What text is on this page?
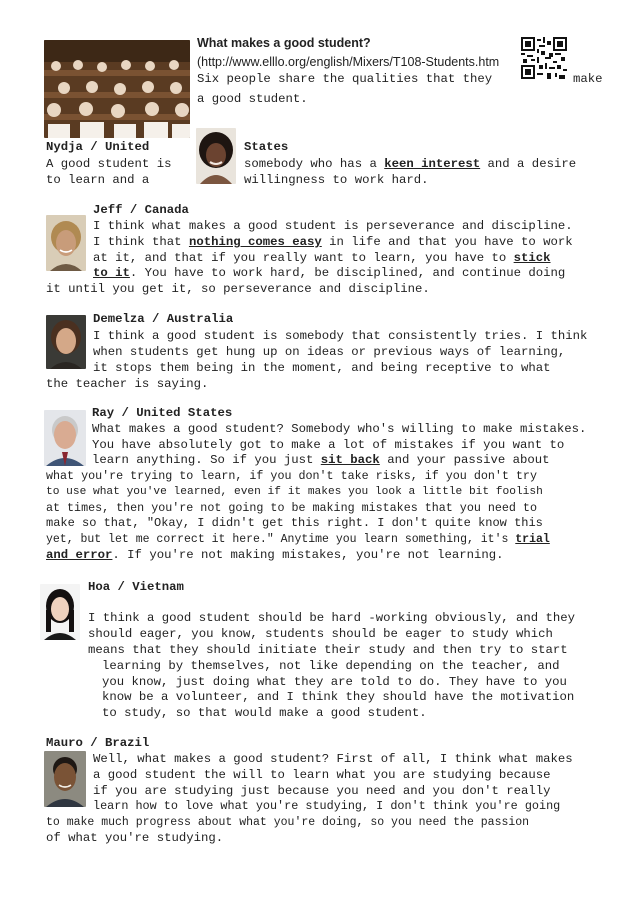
What makes a good student?
(http://www.elllo.org/english/Mixers/T108-Students.htm
Six people share the qualities that they	make
a good student.
Nydja / United
A good student is
to learn and a
States
somebody who has a keen interest and a desire
willingness to work hard.
Jeff / Canada
I think what makes a good student is perseverance and discipline.
I think that nothing comes easy in life and that you have to work
at it, and that if you really want to learn, you have to stick
to it. You have to work hard, be disciplined, and continue doing
it until you get it, so perseverance and discipline.
Demelza / Australia
I think a good student is somebody that consistently tries. I think
when students get hung up on ideas or previous ways of learning,
it stops them being in the moment, and being receptive to what
the teacher is saying.
Ray / United States
What makes a good student? Somebody who's willing to make mistakes.
You have absolutely got to make a lot of mistakes if you want to
learn anything. So if you just sit back and your passive about
what you're trying to learn, if you don't take risks, if you don't try
to use what you've learned, even if it makes you look a little bit foolish
at times, then you're not going to be making mistakes that you need to
make so that, "Okay, I didn't get this right. I don't quite know this
yet, but let me correct it here." Anytime you learn something, it's trial
and error. If you're not making mistakes, you're not learning.
Hoa / Vietnam
I think a good student should be hard -working obviously, and they
should eager, you know, students should be eager to study which
means that they should initiate their study and then try to start
learning by themselves, not like depending on the teacher, and
you know, just doing what they are told to do. They have to you
know be a volunteer, and I think they should have the motivation
to study, so that would make a good student.
Mauro / Brazil
Well, what makes a good student? First of all, I think what makes
a good student the will to learn what you are studying because
if you are studying just because you need and you don't really
learn how to love what you're studying, I don't think you're going
to make much progress about what you're doing, so you need the passion
of what you're studying.
